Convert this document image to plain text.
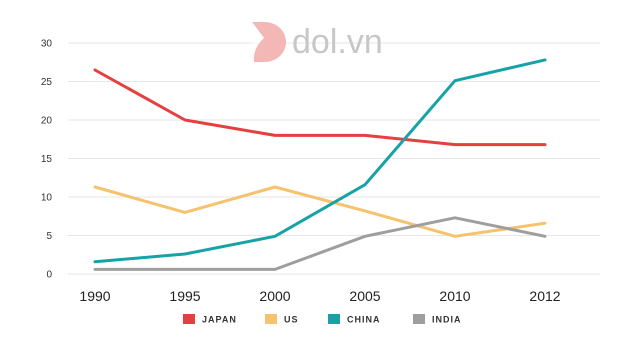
0
5
10
15
20
25
30
1990	1995	2000	2005	2010	2012
dol.vn
JAPAN	US	CHINA	INDIA
